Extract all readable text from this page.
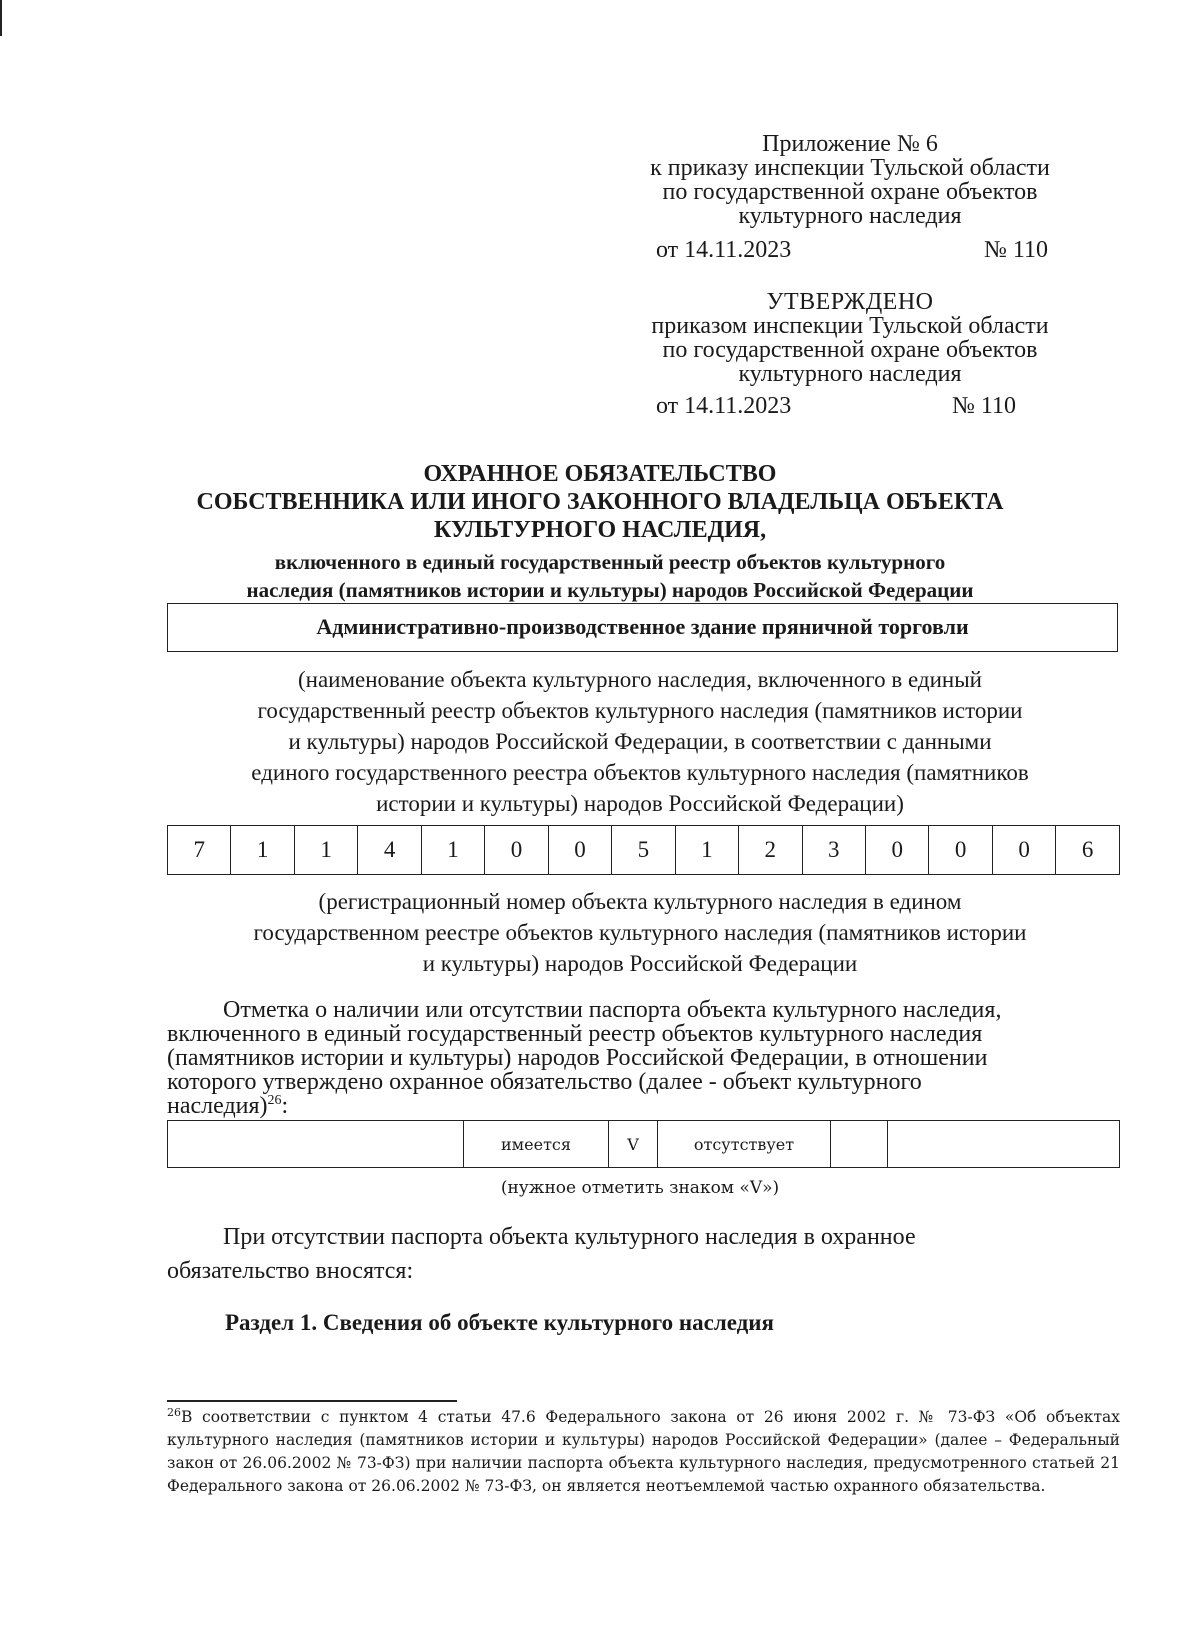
Приложение № 6
к приказу инспекции Тульской области
по государственной охране объектов
культурного наследия
от 14.11.2023	№ 110
УТВЕРЖДЕНО
приказом инспекции Тульской области
по государственной охране объектов
культурного наследия
от 14.11.2023	№ 110
ОХРАННОЕ ОБЯЗАТЕЛЬСТВО
СОБСТВЕННИКА ИЛИ ИНОГО ЗАКОННОГО ВЛАДЕЛЬЦА ОБЪЕКТА
КУЛЬТУРНОГО НАСЛЕДИЯ,
включенного в единый государственный реестр объектов культурного
наследия (памятников истории и культуры) народов Российской Федерации
Административно-производственное здание пряничной торговли
(наименование объекта культурного наследия, включенного в единый
государственный реестр объектов культурного наследия (памятников истории
и культуры) народов Российской Федерации, в соответствии с данными
единого государственного реестра объектов культурного наследия (памятников
истории и культуры) народов Российской Федерации)
7	1	1	4	1	0	0	5	1	2	3	0	0	0	6
(регистрационный номер объекта культурного наследия в едином
государственном реестре объектов культурного наследия (памятников истории
и культуры) народов Российской Федерации

Отметка о наличии или отсутствии паспорта объекта культурного наследия,

включенного в единый государственный реестр объектов культурного наследия

(памятников истории и культуры) народов Российской Федерации, в отношении

которого утверждено охранное обязательство (далее - объект культурного

наследия)$^{26}$:

	имеется	V	отсутствует		
(нужное отметить знаком «V»)

При отсутствии паспорта объекта культурного наследия в охранное

обязательство вносятся:

Раздел 1. Сведения об объекте культурного наследия
$^{26}$В соответствии с пунктом 4 статьи 47.6 Федерального закона от 26 июня 2002 г. № 73-ФЗ «Об объектах культурного наследия (памятников истории и культуры) народов Российской Федерации» (далее – Федеральный закон от 26.06.2002 № 73-ФЗ) при наличии паспорта объекта культурного наследия, предусмотренного статьей 21 Федерального закона от 26.06.2002 № 73-ФЗ, он является неотъемлемой частью охранного обязательства.
